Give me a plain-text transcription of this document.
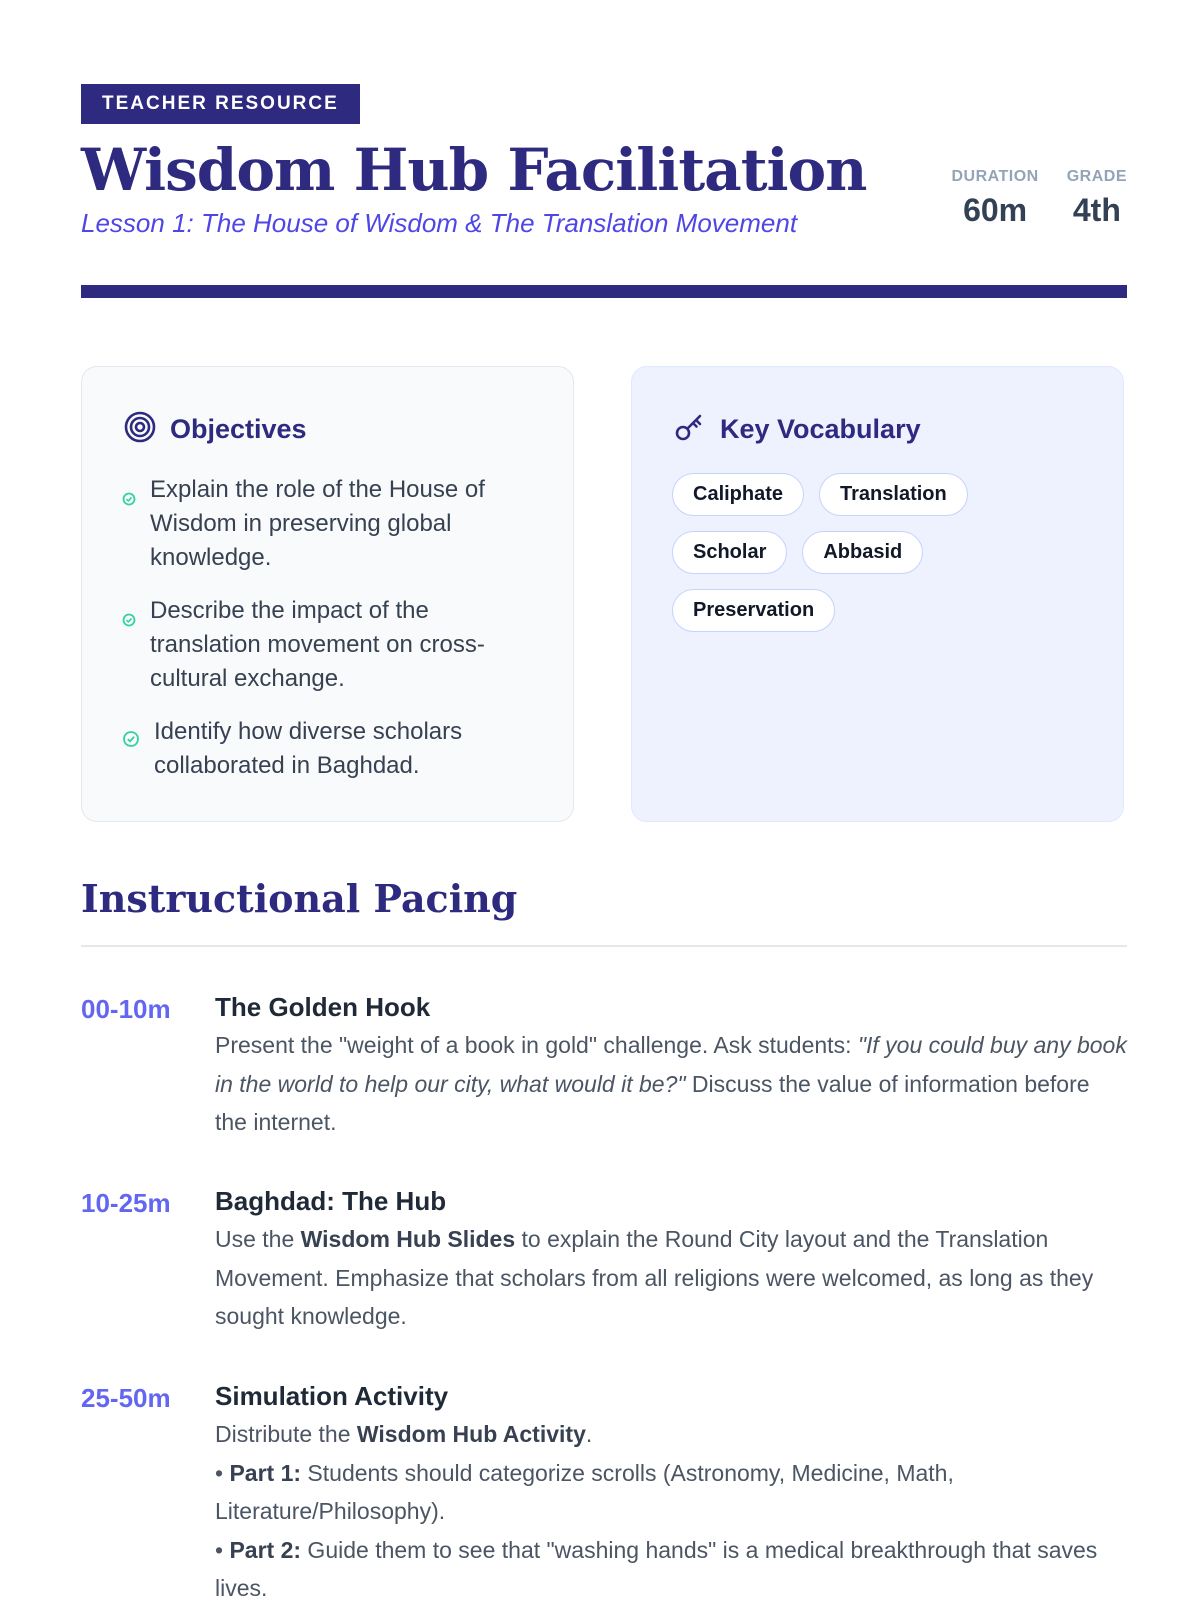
TEACHER RESOURCE
Wisdom Hub Facilitation
Lesson 1: The House of Wisdom & The Translation Movement
DURATION
60m
GRADE
4th
Objectives
Explain the role of the House of Wisdom in preserving global knowledge.
Describe the impact of the translation movement on cross-cultural exchange.
Identify how diverse scholars collaborated in Baghdad.
Key Vocabulary
Caliphate	Translation
Scholar	Abbasid
Preservation
Instructional Pacing
00-10m The Golden Hook
Present the "weight of a book in gold" challenge. Ask students: "If you could buy any book in the world to help our city, what would it be?" Discuss the value of information before the internet.
10-25m Baghdad: The Hub
Use the Wisdom Hub Slides to explain the Round City layout and the Translation Movement. Emphasize that scholars from all religions were welcomed, as long as they sought knowledge.
25-50m Simulation Activity
Distribute the Wisdom Hub Activity.
• Part 1: Students should categorize scrolls (Astronomy, Medicine, Math, Literature/Philosophy).
• Part 2: Guide them to see that "washing hands" is a medical breakthrough that saves lives.
